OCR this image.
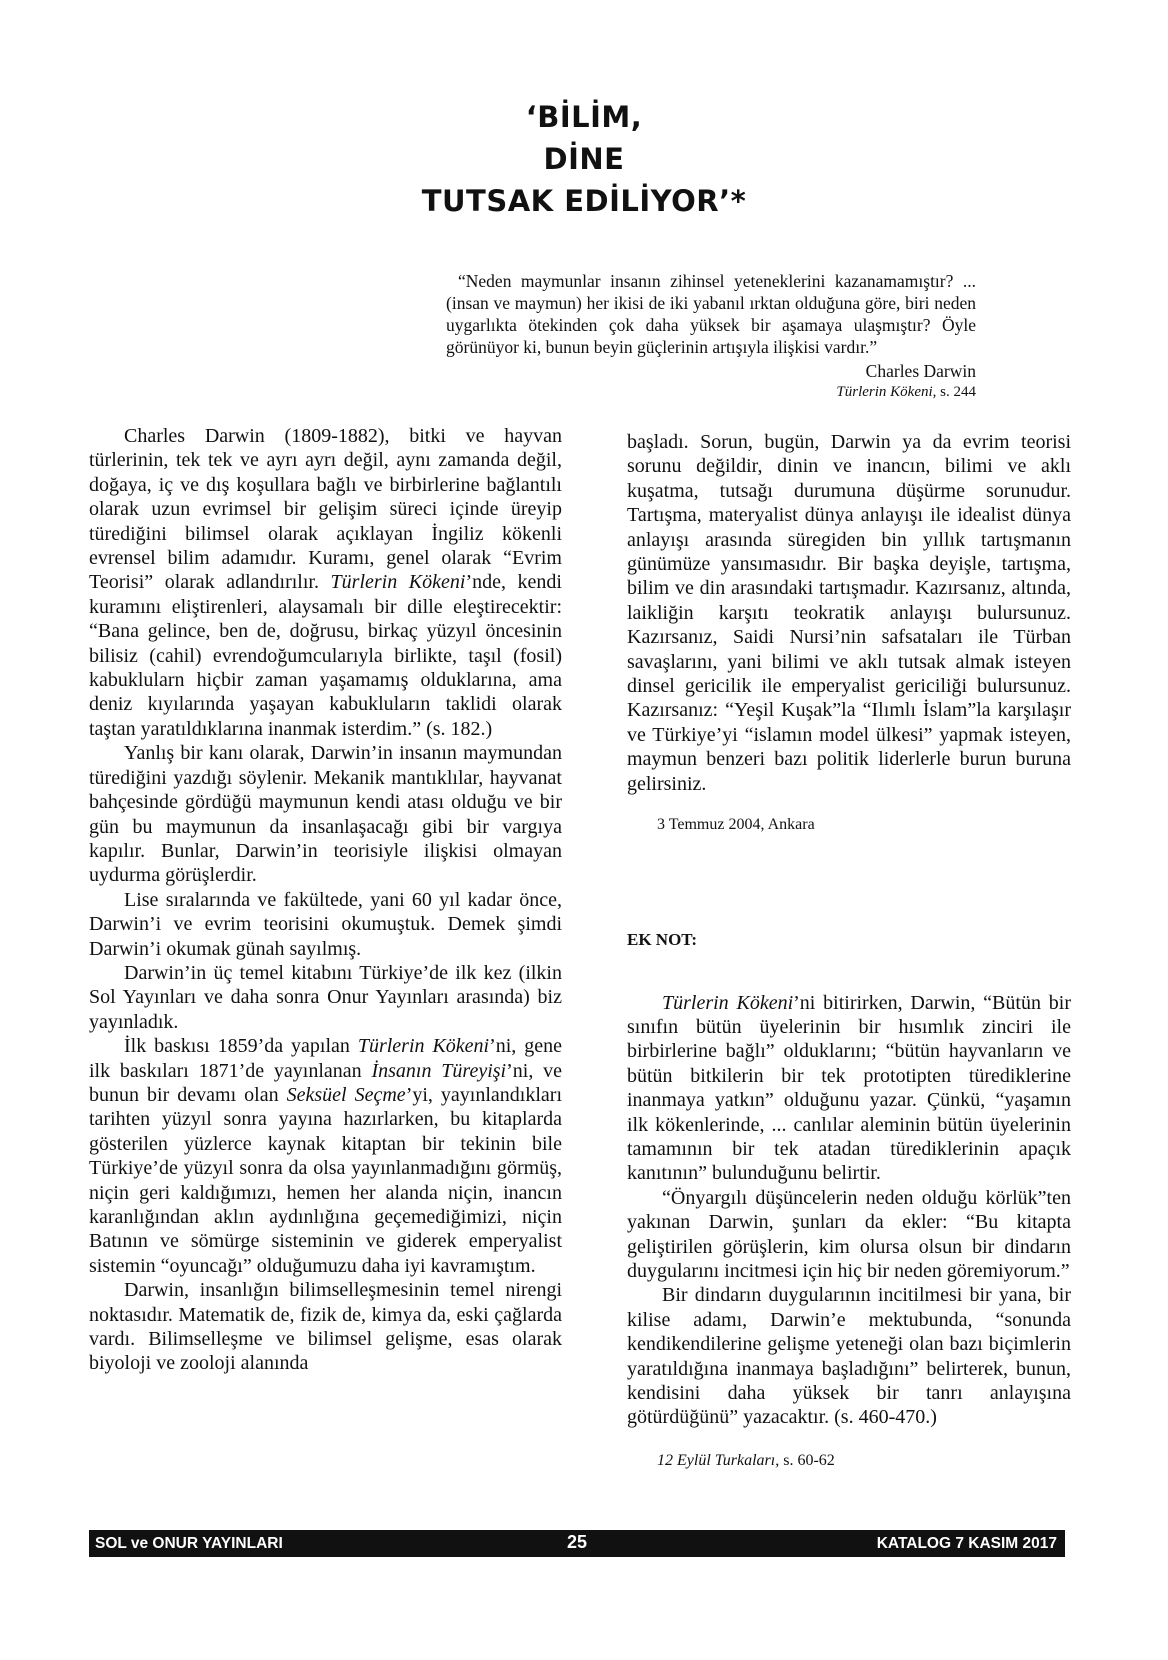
‘BİLİM,
DİNE
TUTSAK EDİLİYOR’*
“Neden maymunlar insanın zihinsel yeteneklerini kazanamamıştır? ... (insan ve maymun) her ikisi de iki yabanıl ırktan olduğuna göre, biri neden uygarlıkta ötekinden çok daha yüksek bir aşamaya ulaşmıştır? Öyle görünüyor ki, bunun beyin güçlerinin artışıyla ilişkisi vardır.”
Charles Darwin
Türlerin Kökeni, s. 244

Charles Darwin (1809-1882), bitki ve hayvan türlerinin, tek tek ve ayrı ayrı değil, aynı zamanda değil, doğaya, iç ve dış koşullara bağlı ve birbirlerine bağlantılı olarak uzun evrimsel bir gelişim süreci içinde üreyip türediğini bilimsel olarak açıklayan İngiliz kökenli evrensel bilim adamıdır. Kuramı, genel olarak “Evrim Teorisi” olarak adlandırılır. Türlerin Kökeni’nde, kendi kuramını eliştirenleri, alaysamalı bir dille eleştirecektir: “Bana gelince, ben de, doğrusu, birkaç yüzyıl öncesinin bilisiz (cahil) evrendoğumcularıyla birlikte, taşıl (fosil) kabuklularn hiçbir zaman yaşamamış olduklarına, ama deniz kıyılarında yaşayan kabukluların taklidi olarak taştan yaratıldıklarına inanmak isterdim.” (s. 182.)

Yanlış bir kanı olarak, Darwin’in insanın maymundan türediğini yazdığı söylenir. Mekanik mantıklılar, hayvanat bahçesinde gördüğü maymunun kendi atası olduğu ve bir gün bu maymunun da insanlaşacağı gibi bir vargıya kapılır. Bunlar, Darwin’in teorisiyle ilişkisi olmayan uydurma görüşlerdir.

Lise sıralarında ve fakültede, yani 60 yıl kadar önce, Darwin’i ve evrim teorisini okumuştuk. Demek şimdi Darwin’i okumak günah sayılmış.

Darwin’in üç temel kitabını Türkiye’de ilk kez (ilkin Sol Yayınları ve daha sonra Onur Yayınları arasında) biz yayınladık.

İlk baskısı 1859’da yapılan Türlerin Kökeni’ni, gene ilk baskıları 1871’de yayınlanan İnsanın Türeyişi’ni, ve bunun bir devamı olan Seksüel Seçme’yi, yayınlandıkları tarihten yüzyıl sonra yayına hazırlarken, bu kitaplarda gösterilen yüzlerce kaynak kitaptan bir tekinin bile Türkiye’de yüzyıl sonra da olsa yayınlanmadığını görmüş, niçin geri kaldığımızı, hemen her alanda niçin, inancın karanlığından aklın aydınlığına geçemediğimizi, niçin Batının ve sömürge sisteminin ve giderek emperyalist sistemin “oyuncağı” olduğumuzu daha iyi kavramıştım.

Darwin, insanlığın bilimselleşmesinin temel nirengi noktasıdır. Matematik de, fizik de, kimya da, eski çağlarda vardı. Bilimselleşme ve bilimsel gelişme, esas olarak biyoloji ve zooloji alanında

başladı. Sorun, bugün, Darwin ya da evrim teorisi sorunu değildir, dinin ve inancın, bilimi ve aklı kuşatma, tutsağı durumuna düşürme sorunudur. Tartışma, materyalist dünya anlayışı ile idealist dünya anlayışı arasında süregiden bin yıllık tartışmanın günümüze yansımasıdır. Bir başka deyişle, tartışma, bilim ve din arasındaki tartışmadır. Kazırsanız, altında, laikliğin karşıtı teokratik anlayışı bulursunuz. Kazırsanız, Saidi Nursi’nin safsataları ile Türban savaşlarını, yani bilimi ve aklı tutsak almak isteyen dinsel gericilik ile emperyalist gericiliği bulursunuz. Kazırsanız: “Yeşil Kuşak”la “Ilımlı İslam”la karşılaşır ve Türkiye’yi “islamın model ülkesi” yapmak isteyen, maymun benzeri bazı politik liderlerle burun buruna gelirsiniz.

3 Temmuz 2004, Ankara
EK NOT:

Türlerin Kökeni’ni bitirirken, Darwin, “Bütün bir sınıfın bütün üyelerinin bir hısımlık zinciri ile birbirlerine bağlı” olduklarını; “bütün hayvanların ve bütün bitkilerin bir tek prototipten türediklerine inanmaya yatkın” olduğunu yazar. Çünkü, “yaşamın ilk kökenlerinde, ... canlılar aleminin bütün üyelerinin tamamının bir tek atadan türediklerinin apaçık kanıtının” bulunduğunu belirtir.

“Önyargılı düşüncelerin neden olduğu körlük”ten yakınan Darwin, şunları da ekler: “Bu kitapta geliştirilen görüşlerin, kim olursa olsun bir dindarın duygularını incitmesi için hiç bir neden göremiyorum.”

Bir dindarın duygularının incitilmesi bir yana, bir kilise adamı, Darwin’e mektubunda, “sonunda kendikendilerine gelişme yeteneği olan bazı biçimlerin yaratıldığına inanmaya başladığını” belirterek, bunun, kendisini daha yüksek bir tanrı anlayışına götürdüğünü” yazacaktır. (s. 460-470.)

12 Eylül Turkaları, s. 60-62
SOL ve ONUR YAYINLARI	25	KATALOG 7 KASIM 2017
